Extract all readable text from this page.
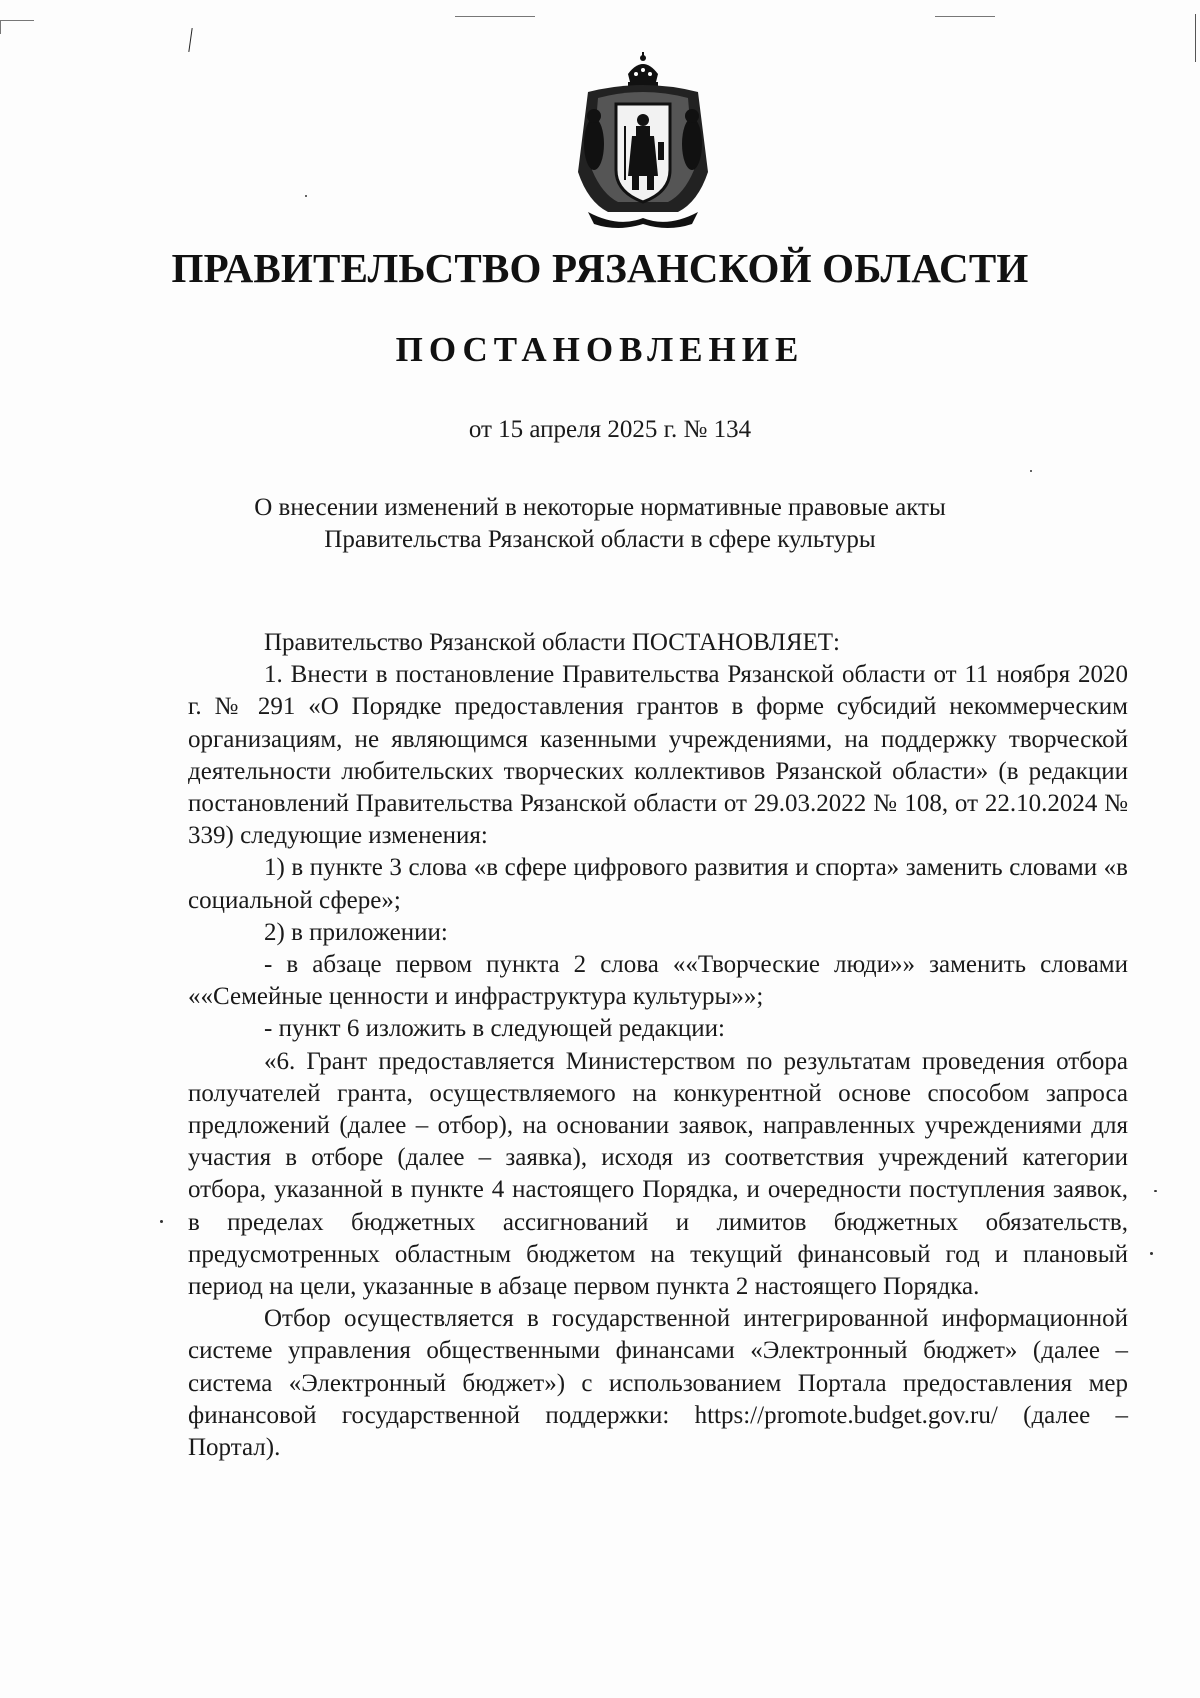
ПРАВИТЕЛЬСТВО РЯЗАНСКОЙ ОБЛАСТИ
ПОСТАНОВЛЕНИЕ
от 15 апреля 2025 г. № 134
О внесении изменений в некоторые нормативные правовые акты
Правительства Рязанской области в сфере культуры

Правительство Рязанской области ПОСТАНОВЛЯЕТ:

1. Внести в постановление Правительства Рязанской области от 11 ноября 2020 г. № 291 «О Порядке предоставления грантов в форме субсидий некоммерческим организациям, не являющимся казенными учреждениями, на поддержку творческой деятельности любительских творческих коллективов Рязанской области» (в редакции постановлений Правительства Рязанской области от 29.03.2022 № 108, от 22.10.2024 № 339) следующие изменения:

1) в пункте 3 слова «в сфере цифрового развития и спорта» заменить словами «в социальной сфере»;

2) в приложении:

- в абзаце первом пункта 2 слова ««Творческие люди»» заменить словами ««Семейные ценности и инфраструктура культуры»»;

- пункт 6 изложить в следующей редакции:

«6. Грант предоставляется Министерством по результатам проведения отбора получателей гранта, осуществляемого на конкурентной основе способом запроса предложений (далее – отбор), на основании заявок, направленных учреждениями для участия в отборе (далее – заявка), исходя из соответствия учреждений категории отбора, указанной в пункте 4 настоящего Порядка, и очередности поступления заявок, в пределах бюджетных ассигнований и лимитов бюджетных обязательств, предусмотренных областным бюджетом на текущий финансовый год и плановый период на цели, указанные в абзаце первом пункта 2 настоящего Порядка.

Отбор осуществляется в государственной интегрированной информационной системе управления общественными финансами «Электронный бюджет» (далее – система «Электронный бюджет») с использованием Портала предоставления мер финансовой государственной поддержки: https://promote.budget.gov.ru/ (далее – Портал).
